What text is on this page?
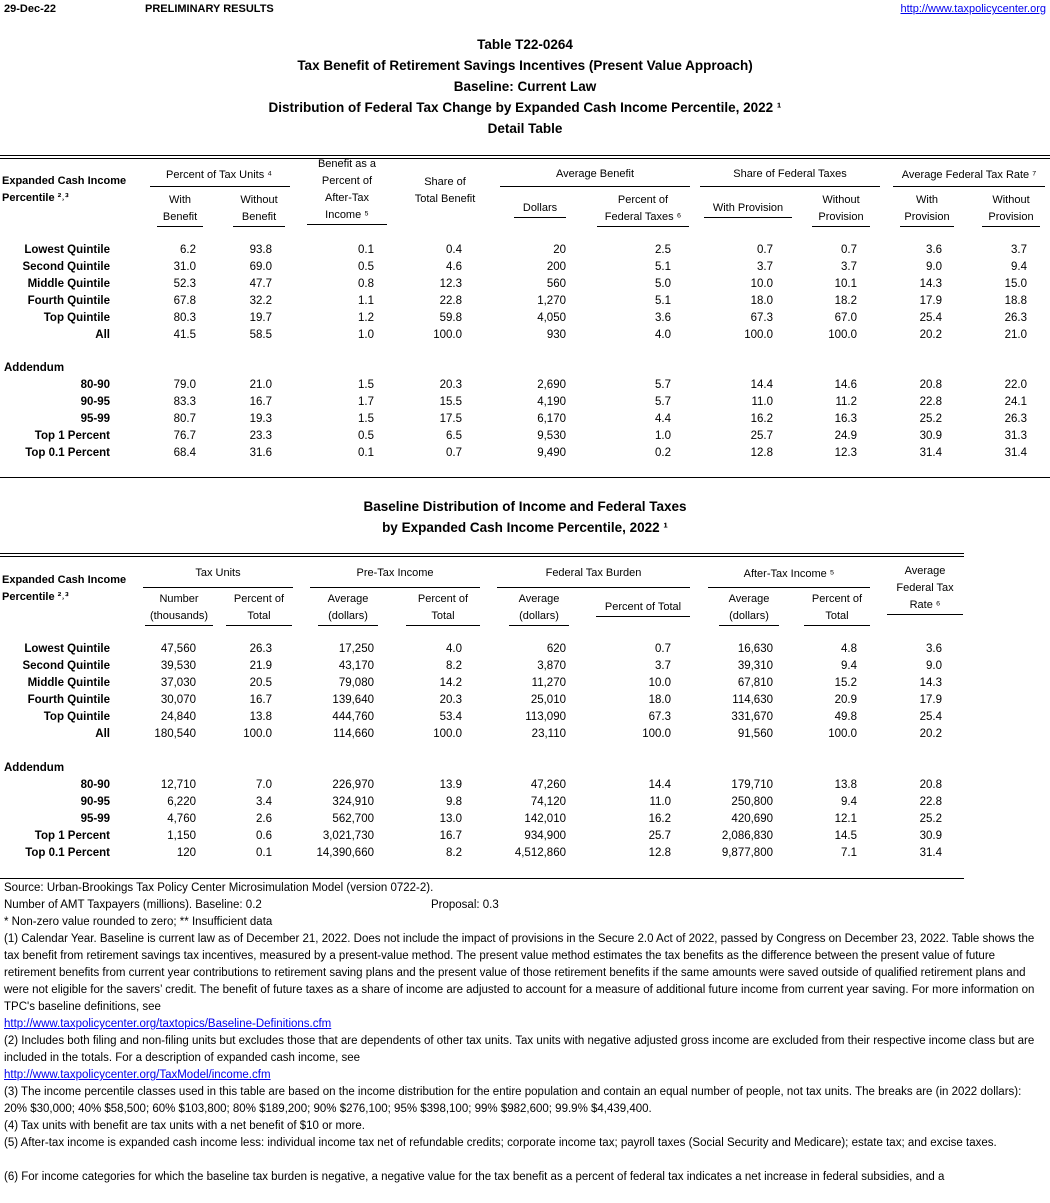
29-Dec-22	PRELIMINARY RESULTS	http://www.taxpolicycenter.org
Table T22-0264
Tax Benefit of Retirement Savings Incentives (Present Value Approach)
Baseline: Current Law
Distribution of Federal Tax Change by Expanded Cash Income Percentile, 2022 ¹
Detail Table
Expanded Cash Income
Percentile ²˒³
Percent of Tax Units ⁴
With
Benefit
Without
Benefit
Benefit as a
Percent of
After-Tax
Income ⁵
Share of
Total Benefit
Average Benefit
Dollars
Percent of
Federal Taxes ⁶
Share of Federal Taxes
With Provision
Without
Provision
Average Federal Tax Rate ⁷
With
Provision
Without
Provision
Lowest Quintile	6.2	93.8	0.1	0.4	20	2.5	0.7	0.7	3.6	3.7
Second Quintile	31.0	69.0	0.5	4.6	200	5.1	3.7	3.7	9.0	9.4
Middle Quintile	52.3	47.7	0.8	12.3	560	5.0	10.0	10.1	14.3	15.0
Fourth Quintile	67.8	32.2	1.1	22.8	1,270	5.1	18.0	18.2	17.9	18.8
Top Quintile	80.3	19.7	1.2	59.8	4,050	3.6	67.3	67.0	25.4	26.3
All	41.5	58.5	1.0	100.0	930	4.0	100.0	100.0	20.2	21.0
Addendum
80-90	79.0	21.0	1.5	20.3	2,690	5.7	14.4	14.6	20.8	22.0
90-95	83.3	16.7	1.7	15.5	4,190	5.7	11.0	11.2	22.8	24.1
95-99	80.7	19.3	1.5	17.5	6,170	4.4	16.2	16.3	25.2	26.3
Top 1 Percent	76.7	23.3	0.5	6.5	9,530	1.0	25.7	24.9	30.9	31.3
Top 0.1 Percent	68.4	31.6	0.1	0.7	9,490	0.2	12.8	12.3	31.4	31.4
Baseline Distribution of Income and Federal Taxes
by Expanded Cash Income Percentile, 2022 ¹
Expanded Cash Income
Percentile ²˒³
Tax Units
Number
(thousands)
Percent of
Total
Pre-Tax Income
Average
(dollars)
Percent of
Total
Federal Tax Burden
Average
(dollars)
Percent of Total
After-Tax Income ⁵
Average
(dollars)
Percent of
Total
Average
Federal Tax
Rate ⁶
Lowest Quintile	47,560	26.3	17,250	4.0	620	0.7	16,630	4.8	3.6
Second Quintile	39,530	21.9	43,170	8.2	3,870	3.7	39,310	9.4	9.0
Middle Quintile	37,030	20.5	79,080	14.2	11,270	10.0	67,810	15.2	14.3
Fourth Quintile	30,070	16.7	139,640	20.3	25,010	18.0	114,630	20.9	17.9
Top Quintile	24,840	13.8	444,760	53.4	113,090	67.3	331,670	49.8	25.4
All	180,540	100.0	114,660	100.0	23,110	100.0	91,560	100.0	20.2
Addendum
80-90	12,710	7.0	226,970	13.9	47,260	14.4	179,710	13.8	20.8
90-95	6,220	3.4	324,910	9.8	74,120	11.0	250,800	9.4	22.8
95-99	4,760	2.6	562,700	13.0	142,010	16.2	420,690	12.1	25.2
Top 1 Percent	1,150	0.6	3,021,730	16.7	934,900	25.7	2,086,830	14.5	30.9
Top 0.1 Percent	120	0.1	14,390,660	8.2	4,512,860	12.8	9,877,800	7.1	31.4

Source: Urban-Brookings Tax Policy Center Microsimulation Model (version 0722-2).

Number of AMT Taxpayers (millions). Baseline: 0.2	Proposal: 0.3

* Non-zero value rounded to zero; ** Insufficient data

(1) Calendar Year. Baseline is current law as of December 21, 2022. Does not include the impact of provisions in the Secure 2.0 Act of 2022, passed by Congress on December 23, 2022. Table shows the tax benefit from retirement savings tax incentives, measured by a present-value method. The present value method estimates the tax benefits as the difference between the present value of future retirement benefits from current year contributions to retirement saving plans and the present value of those retirement benefits if the same amounts were saved outside of qualified retirement plans and were not eligible for the savers’ credit. The benefit of future taxes as a share of income are adjusted to account for a measure of additional future income from current year saving. For more information on TPC's baseline definitions, see

http://www.taxpolicycenter.org/taxtopics/Baseline-Definitions.cfm

(2) Includes both filing and non-filing units but excludes those that are dependents of other tax units. Tax units with negative adjusted gross income are excluded from their respective income class but are included in the totals. For a description of expanded cash income, see

http://www.taxpolicycenter.org/TaxModel/income.cfm

(3) The income percentile classes used in this table are based on the income distribution for the entire population and contain an equal number of people, not tax units. The breaks are (in 2022 dollars): 20% $30,000; 40% $58,500; 60% $103,800; 80% $189,200; 90% $276,100; 95% $398,100; 99% $982,600; 99.9% $4,439,400.

(4) Tax units with benefit are tax units with a net benefit of $10 or more.

(5) After-tax income is expanded cash income less: individual income tax net of refundable credits; corporate income tax; payroll taxes (Social Security and Medicare); estate tax; and excise taxes.

(6) For income categories for which the baseline tax burden is negative, a negative value for the tax benefit as a percent of federal tax indicates a net increase in federal subsidies, and a
